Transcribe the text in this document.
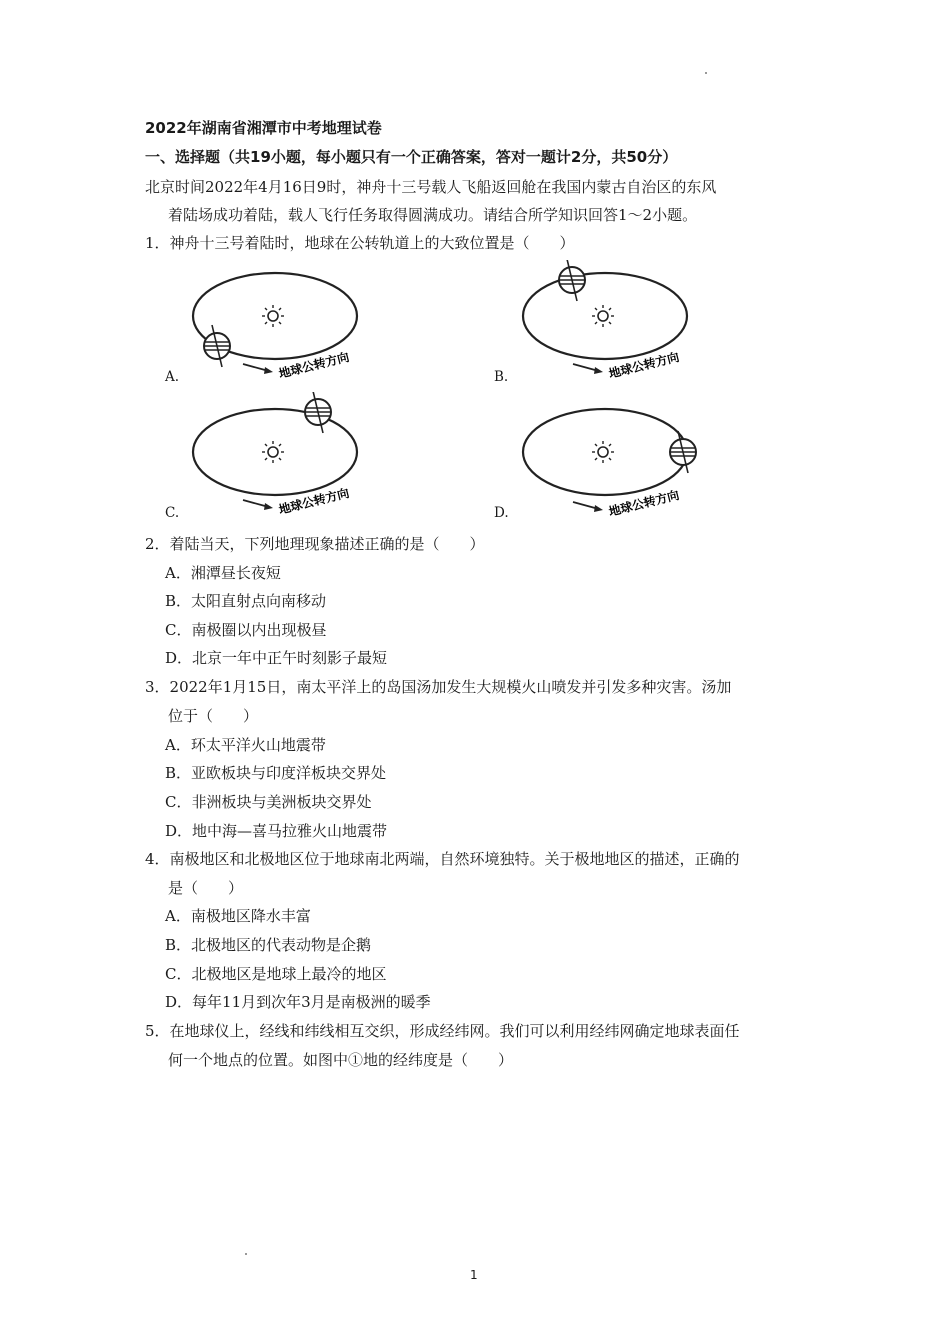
2022年湖南省湘潭市中考地理试卷
一、选择题（共19小题，每小题只有一个正确答案，答对一题计2分，共50分）
北京时间2022年4月16日9时，神舟十三号载人飞船返回舱在我国内蒙古自治区的东风
着陆场成功着陆，载人飞行任务取得圆满成功。请结合所学知识回答1～2小题。
1．神舟十三号着陆时，地球在公转轨道上的大致位置是（　　）
A.	地球公转方向	B.	地球公转方向
C.	地球公转方向	D.	地球公转方向
2．着陆当天，下列地理现象描述正确的是（　　）
A．湘潭昼长夜短
B．太阳直射点向南移动
C．南极圈以内出现极昼
D．北京一年中正午时刻影子最短
3．2022年1月15日，南太平洋上的岛国汤加发生大规模火山喷发并引发多种灾害。汤加
位于（　　）
A．环太平洋火山地震带
B．亚欧板块与印度洋板块交界处
C．非洲板块与美洲板块交界处
D．地中海—喜马拉雅火山地震带
4．南极地区和北极地区位于地球南北两端，自然环境独特。关于极地地区的描述，正确的
是（　　）
A．南极地区降水丰富
B．北极地区的代表动物是企鹅
C．北极地区是地球上最冷的地区
D．每年11月到次年3月是南极洲的暖季
5．在地球仪上，经线和纬线相互交织，形成经纬网。我们可以利用经纬网确定地球表面任
何一个地点的位置。如图中①地的经纬度是（　　）
1
